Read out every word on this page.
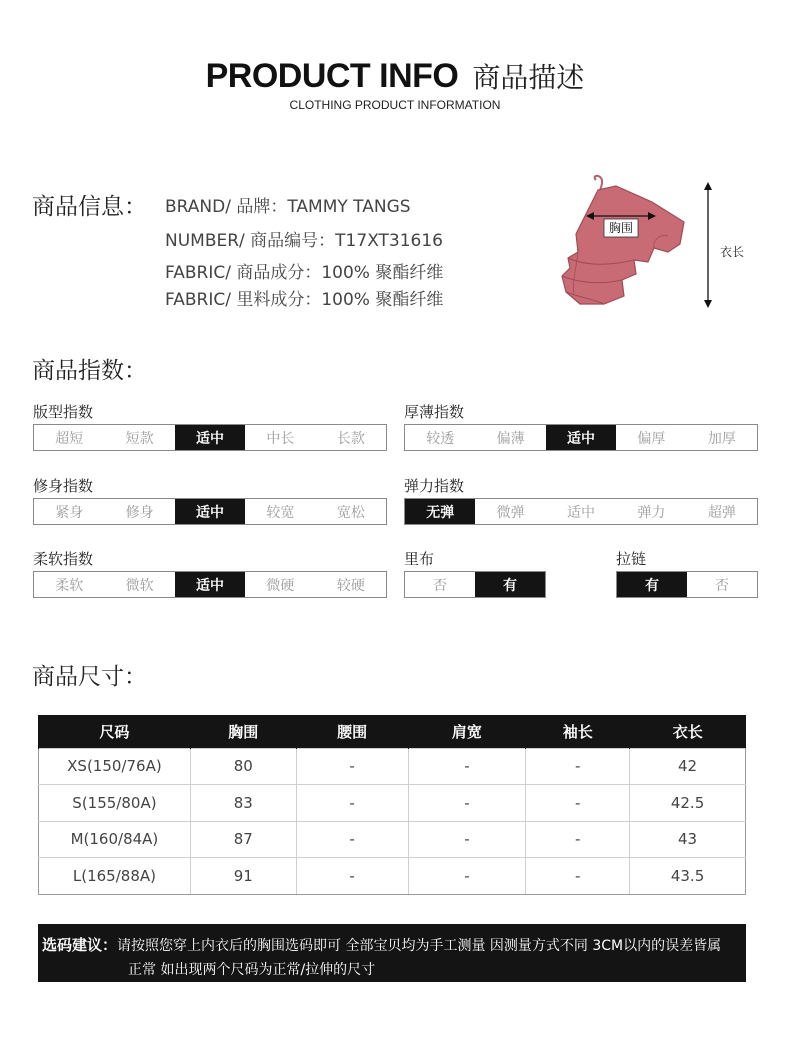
PRODUCT INFO 商品描述
CLOTHING PRODUCT INFORMATION
商品信息： BRAND/ 品牌：TAMMY TANGS
NUMBER/ 商品编号：T17XT31616
FABRIC/ 商品成分：100% 聚酯纤维
FABRIC/ 里料成分：100% 聚酯纤维
胸围
衣长
商品指数：
版型指数
超短	短款	适中	中长	长款
厚薄指数
较透	偏薄	适中	偏厚	加厚
修身指数
紧身	修身	适中	较宽	宽松
弹力指数
无弹	微弹	适中	弹力	超弹
柔软指数
柔软	微软	适中	微硬	较硬
里布
否	有
拉链
有	否
商品尺寸：
尺码	胸围	腰围	肩宽	袖长	衣长
XS(150/76A)	80	-	-	-	42
S(155/80A)	83	-	-	-	42.5
M(160/84A)	87	-	-	-	43
L(165/88A)	91	-	-	-	43.5
选码建议：请按照您穿上内衣后的胸围选码即可 全部宝贝均为手工测量 因测量方式不同 3CM以内的误差皆属
正常 如出现两个尺码为正常/拉伸的尺寸
